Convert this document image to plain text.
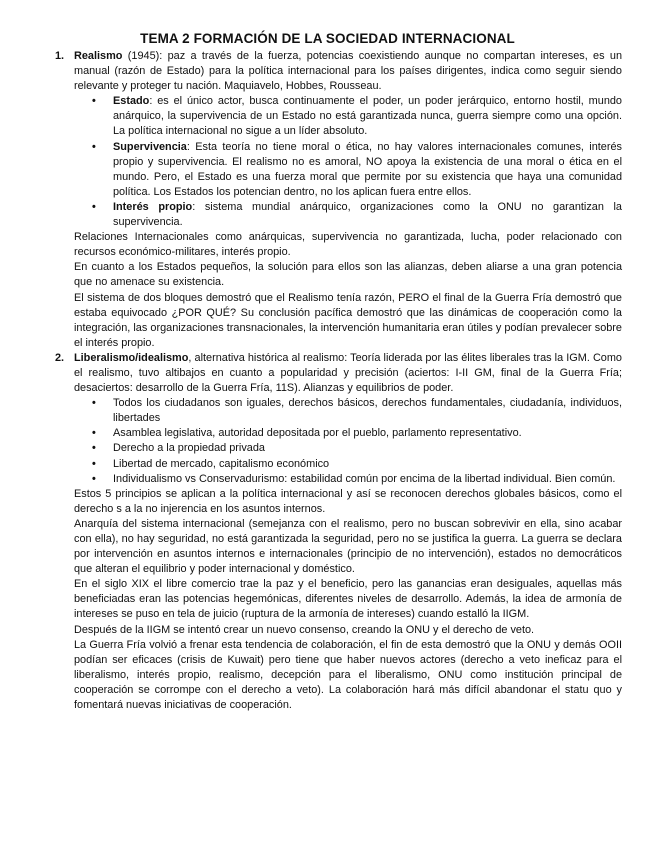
TEMA 2 FORMACIÓN DE LA SOCIEDAD INTERNACIONAL
1. Realismo (1945): paz a través de la fuerza, potencias coexistiendo aunque no compartan intereses, es un manual (razón de Estado) para la política internacional para los países dirigentes, indica como seguir siendo relevante y proteger tu nación. Maquiavelo, Hobbes, Rousseau.

• Estado: es el único actor, busca continuamente el poder, un poder jerárquico, entorno hostil, mundo anárquico, la supervivencia de un Estado no está garantizada nunca, guerra siempre como una opción. La política internacional no sigue a un líder absoluto.

• Supervivencia: Esta teoría no tiene moral o ética, no hay valores internacionales comunes, interés propio y supervivencia. El realismo no es amoral, NO apoya la existencia de una moral o ética en el mundo. Pero, el Estado es una fuerza moral que permite por su existencia que haya una comunidad política. Los Estados los potencian dentro, no los aplican fuera entre ellos.

• Interés propio: sistema mundial anárquico, organizaciones como la ONU no garantizan la supervivencia.

Relaciones Internacionales como anárquicas, supervivencia no garantizada, lucha, poder relacionado con recursos económico-militares, interés propio.

En cuanto a los Estados pequeños, la solución para ellos son las alianzas, deben aliarse a una gran potencia que no amenace su existencia.

El sistema de dos bloques demostró que el Realismo tenía razón, PERO el final de la Guerra Fría demostró que estaba equivocado ¿POR QUÉ? Su conclusión pacífica demostró que las dinámicas de cooperación como la integración, las organizaciones transnacionales, la intervención humanitaria eran útiles y podían prevalecer sobre el interés propio.

2. Liberalismo/idealismo, alternativa histórica al realismo: Teoría liderada por las élites liberales tras la IGM. Como el realismo, tuvo altibajos en cuanto a popularidad y precisión (aciertos: I-II GM, final de la Guerra Fría; desaciertos: desarrollo de la Guerra Fría, 11S). Alianzas y equilibrios de poder.

• Todos los ciudadanos son iguales, derechos básicos, derechos fundamentales, ciudadanía, individuos, libertades

• Asamblea legislativa, autoridad depositada por el pueblo, parlamento representativo.

• Derecho a la propiedad privada

• Libertad de mercado, capitalismo económico

• Individualismo vs Conservadurismo: estabilidad común por encima de la libertad individual. Bien común.

Estos 5 principios se aplican a la política internacional y así se reconocen derechos globales básicos, como el derecho s a la no injerencia en los asuntos internos.

Anarquía del sistema internacional (semejanza con el realismo, pero no buscan sobrevivir en ella, sino acabar con ella), no hay seguridad, no está garantizada la seguridad, pero no se justifica la guerra. La guerra se declara por intervención en asuntos internos e internacionales (principio de no intervención), estados no democráticos que alteran el equilibrio y poder internacional y doméstico.

En el siglo XIX el libre comercio trae la paz y el beneficio, pero las ganancias eran desiguales, aquellas más beneficiadas eran las potencias hegemónicas, diferentes niveles de desarrollo. Además, la idea de armonía de intereses se puso en tela de juicio (ruptura de la armonía de intereses) cuando estalló la IIGM.

Después de la IIGM se intentó crear un nuevo consenso, creando la ONU y el derecho de veto.

La Guerra Fría volvió a frenar esta tendencia de colaboración, el fin de esta demostró que la ONU y demás OOII podían ser eficaces (crisis de Kuwait) pero tiene que haber nuevos actores (derecho a veto ineficaz para el liberalismo, interés propio, realismo, decepción para el liberalismo, ONU como institución principal de cooperación se corrompe con el derecho a veto). La colaboración hará más difícil abandonar el statu quo y fomentará nuevas iniciativas de cooperación.
